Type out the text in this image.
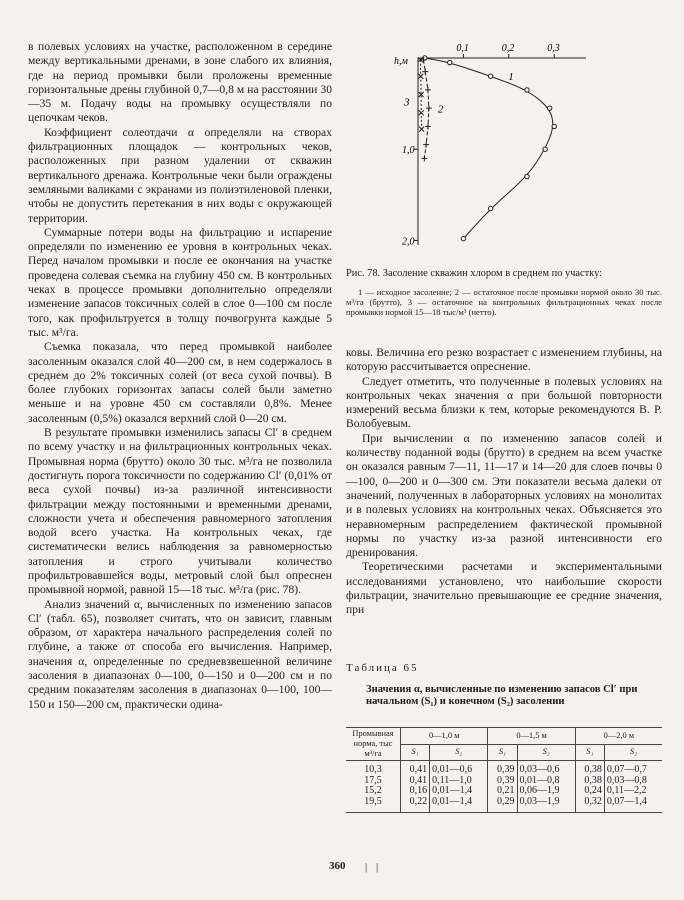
в полевых условиях на участке, расположенном в середине между вертикальными дренами, в зоне слабого их влияния, где на период промывки были проложены временные горизонтальные дрены глубиной 0,7—0,8 м на расстоянии 30—35 м. Подачу воды на промывку осуществляли по цепочкам чеков.

Коэффициент солеотдачи α определяли на створах фильтрационных площадок — контрольных чеков, расположенных при разном удалении от скважин вертикального дренажа. Контрольные чеки были ограждены земляными валиками с экранами из полиэтиленовой пленки, чтобы не допустить перетекания в них воды с окружающей территории.

Суммарные потери воды на фильтрацию и испарение определяли по изменению ее уровня в контрольных чеках. Перед началом промывки и после ее окончания на участке проведена солевая съемка на глубину 450 см. В контрольных чеках в процессе промывки дополнительно определяли изменение запасов токсичных солей в слое 0—100 см после того, как профильтруется в толщу почвогрунта каждые 5 тыс. м³/га.

Съемка показала, что перед промывкой наиболее засоленным оказался слой 40—200 см, в нем содержалось в среднем до 2% токсичных солей (от веса сухой почвы). В более глубоких горизонтах запасы солей были заметно меньше и на уровне 450 см составляли 0,8%. Менее засоленным (0,5%) оказался верхний слой 0—20 см.

В результате промывки изменились запасы Cl′ в среднем по всему участку и на фильтрационных контрольных чеках. Промывная норма (брутто) около 30 тыс. м³/га не позволила достигнуть порога токсичности по содержанию Cl′ (0,01% от веса сухой почвы) из-за различной интенсивности фильтрации между постоянными и временными дренами, сложности учета и обеспечения равномерного затопления водой всего участка. На контрольных чеках, где систематически велись наблюдения за равномерностью затопления и строго учитывали количество профильтровавшейся воды, метровый слой был опреснен промывной нормой, равной 15—18 тыс. м³/га (рис. 78).

Анализ значений α, вычисленных по изменению запасов Cl′ (табл. 65), позволяет считать, что он зависит, главным образом, от характера начального распределения солей по глубине, а также от способа его вычисления. Например, значения α, определенные по средневзвешенной величине засоления в диапазонах 0—100, 0—150 и 0—200 см и по средним показателям засоления в диапазонах 0—100, 100—150 и 150—200 см, практически одина-

h,м
0,1	0,2	0,3
1,0
2,0
1
2
3
Рис. 78. Засоление скважин хлором в среднем по участку:
1 — исходное засоление; 2 — остаточное после промывки нормой около 30 тыс. м³/га (брутто), 3 — остаточное на контрольных фильтрационных чеках после промывки нормой 15—18 тыс/м³ (нетто).

ковы. Величина его резко возрастает с изменением глубины, на которую рассчитывается опреснение.

Следует отметить, что полученные в полевых условиях на контрольных чеках значения α при большой повторности измерений весьма близки к тем, которые рекомендуются В. Р. Волобуевым.

При вычислении α по изменению запасов солей и количеству поданной воды (брутто) в среднем на всем участке он оказался равным 7—11, 11—17 и 14—20 для слоев почвы 0—100, 0—200 и 0—300 см. Эти показатели весьма далеки от значений, полученных в лабораторных условиях на монолитах и в полевых условиях на контрольных чеках. Объясняется это неравномерным распределением фактической промывной нормы по участку из-за разной интенсивности его дренирования.

Теоретическими расчетами и экспериментальными исследованиями установлено, что наибольшие скорости фильтрации, значительно превышающие ее средние значения, при

Таблица 65
Значения α, вычисленные по изменению запасов Cl′ при начальном (S₁) и конечном (S₂) засолении
Промывная норма, тыс м³/га	0—1,0 м		0—1,5 м		0—2,0 м	
	S₁	S₂	S₁	S₂	S₁	S₂
10,3	0,41	0,01—0,6	0,39	0,03—0,6	0,38	0,07—0,7
17,5	0,41	0,11—1,0	0,39	0,01—0,8	0,38	0,03—0,8
15,2	0,16	0,01—1,4	0,21	0,06—1,9	0,24	0,11—2,2
19,5	0,22	0,01—1,4	0,29	0,03—1,9	0,32	0,07—1,4
360 | |
